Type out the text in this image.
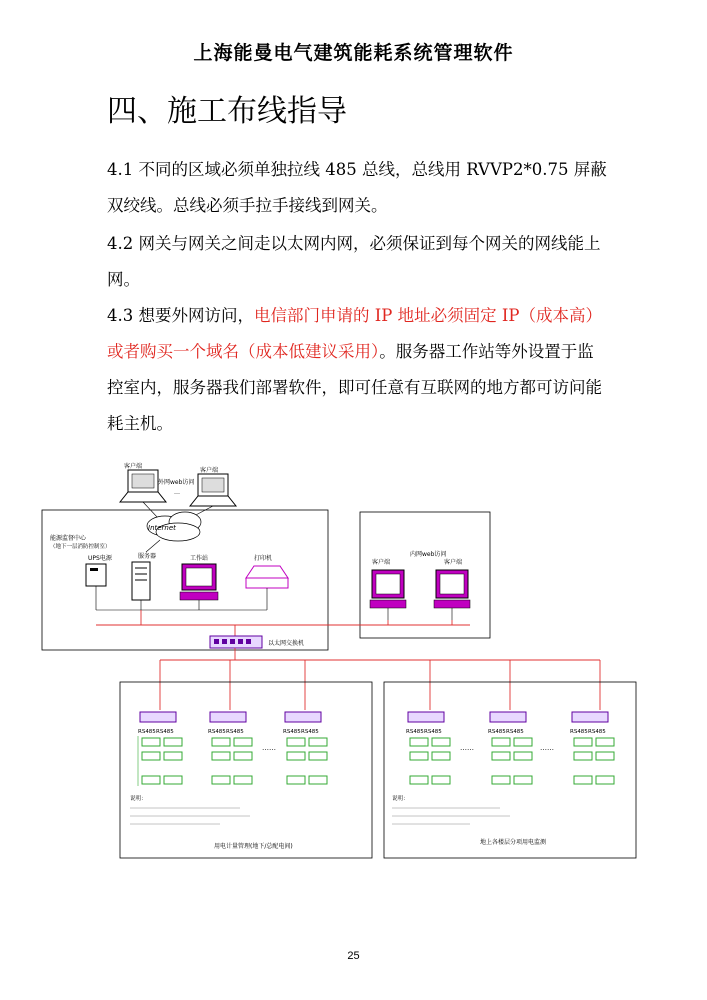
上海能曼电气建筑能耗系统管理软件
四、施工布线指导
4.1 不同的区域必须单独拉线 485 总线，总线用 RVVP2*0.75 屏蔽双绞线。总线必须手拉手接线到网关。
4.2 网关与网关之间走以太网内网，必须保证到每个网关的网线能上网。
4.3 想要外网访问，电信部门申请的 IP 地址必须固定 IP（成本高）或者购买一个域名（成本低建议采用）。服务器工作站等外设置于监控室内，服务器我们部署软件，即可任意有互联网的地方都可访问能耗主机。
客户端
客户端
外网web访问
…
Internet
能源监督中心
（地下一层消防控制室）
UPS电源	服务器	工作站	打印机
内网web访问
客户端	客户端
以太网交换机
RS485 RS485	RS485 RS485
……
RS485 RS485	RS485 RS485
……
RS485 RS485
……
RS485 RS485
说明：	说明：
用电计量管理(地下/总配电间)
地上各楼层分项用电监测
25
